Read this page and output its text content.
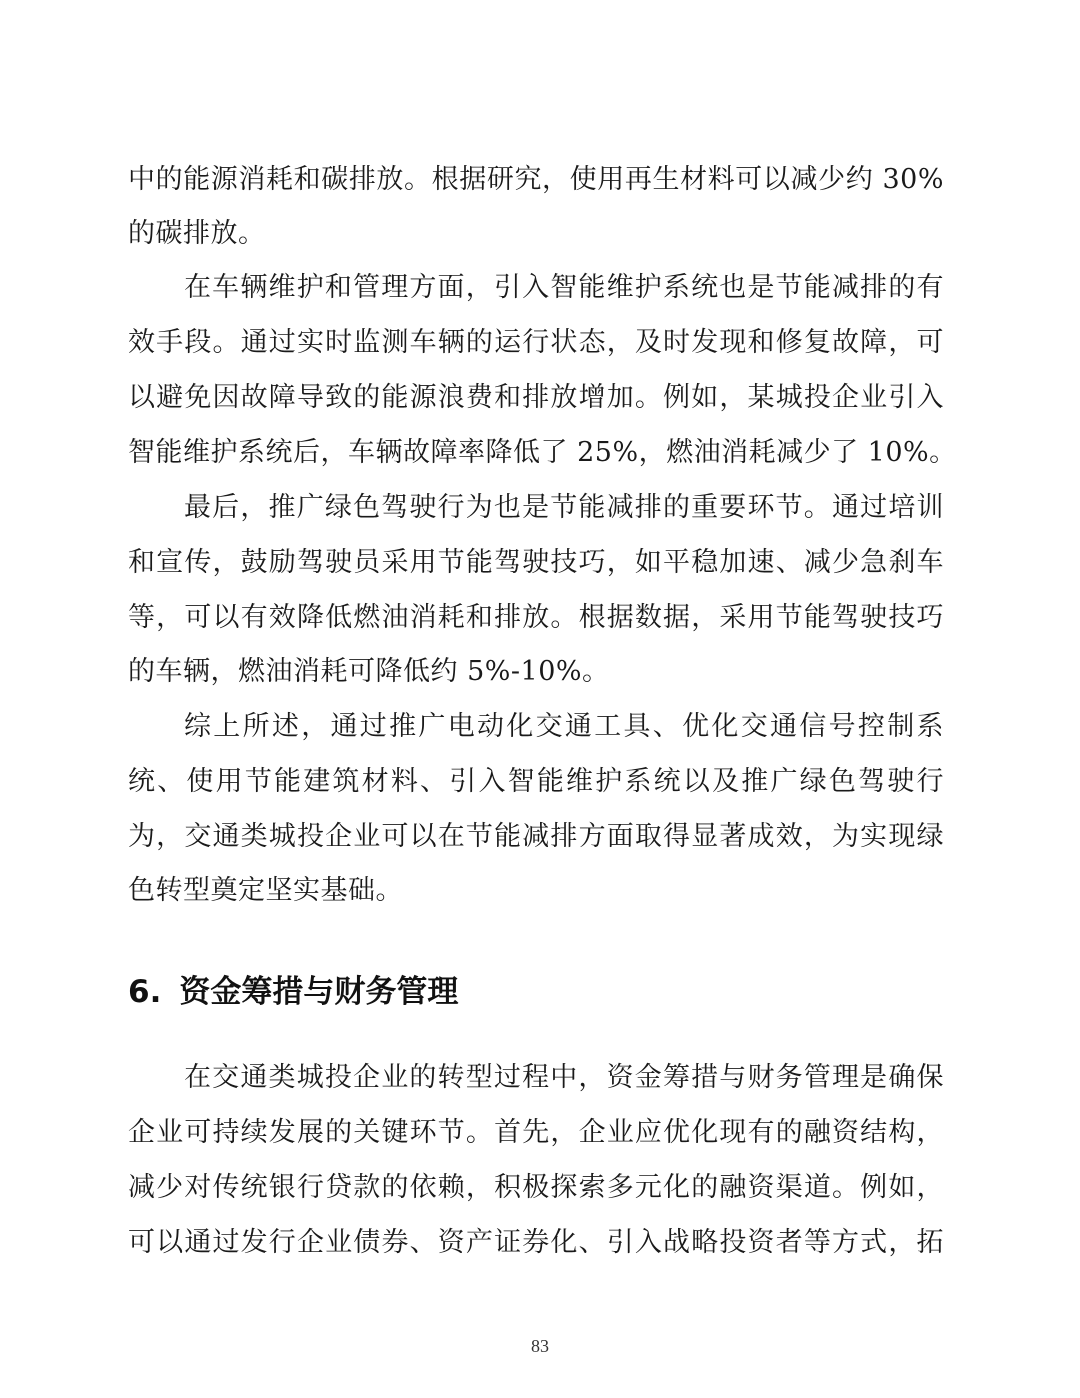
中的能源消耗和碳排放。根据研究，使用再生材料可以减少约 30%
的碳排放。
在车辆维护和管理方面，引入智能维护系统也是节能减排的有
效手段。通过实时监测车辆的运行状态，及时发现和修复故障，可
以避免因故障导致的能源浪费和排放增加。例如，某城投企业引入
智能维护系统后，车辆故障率降低了 25%，燃油消耗减少了 10%。
最后，推广绿色驾驶行为也是节能减排的重要环节。通过培训
和宣传，鼓励驾驶员采用节能驾驶技巧，如平稳加速、减少急刹车
等，可以有效降低燃油消耗和排放。根据数据，采用节能驾驶技巧
的车辆，燃油消耗可降低约 5%-10%。
综上所述，通过推广电动化交通工具、优化交通信号控制系
统、使用节能建筑材料、引入智能维护系统以及推广绿色驾驶行
为，交通类城投企业可以在节能减排方面取得显著成效，为实现绿
色转型奠定坚实基础。
6. 资金筹措与财务管理
在交通类城投企业的转型过程中，资金筹措与财务管理是确保
企业可持续发展的关键环节。首先，企业应优化现有的融资结构，
减少对传统银行贷款的依赖，积极探索多元化的融资渠道。例如，
可以通过发行企业债券、资产证券化、引入战略投资者等方式，拓
83
